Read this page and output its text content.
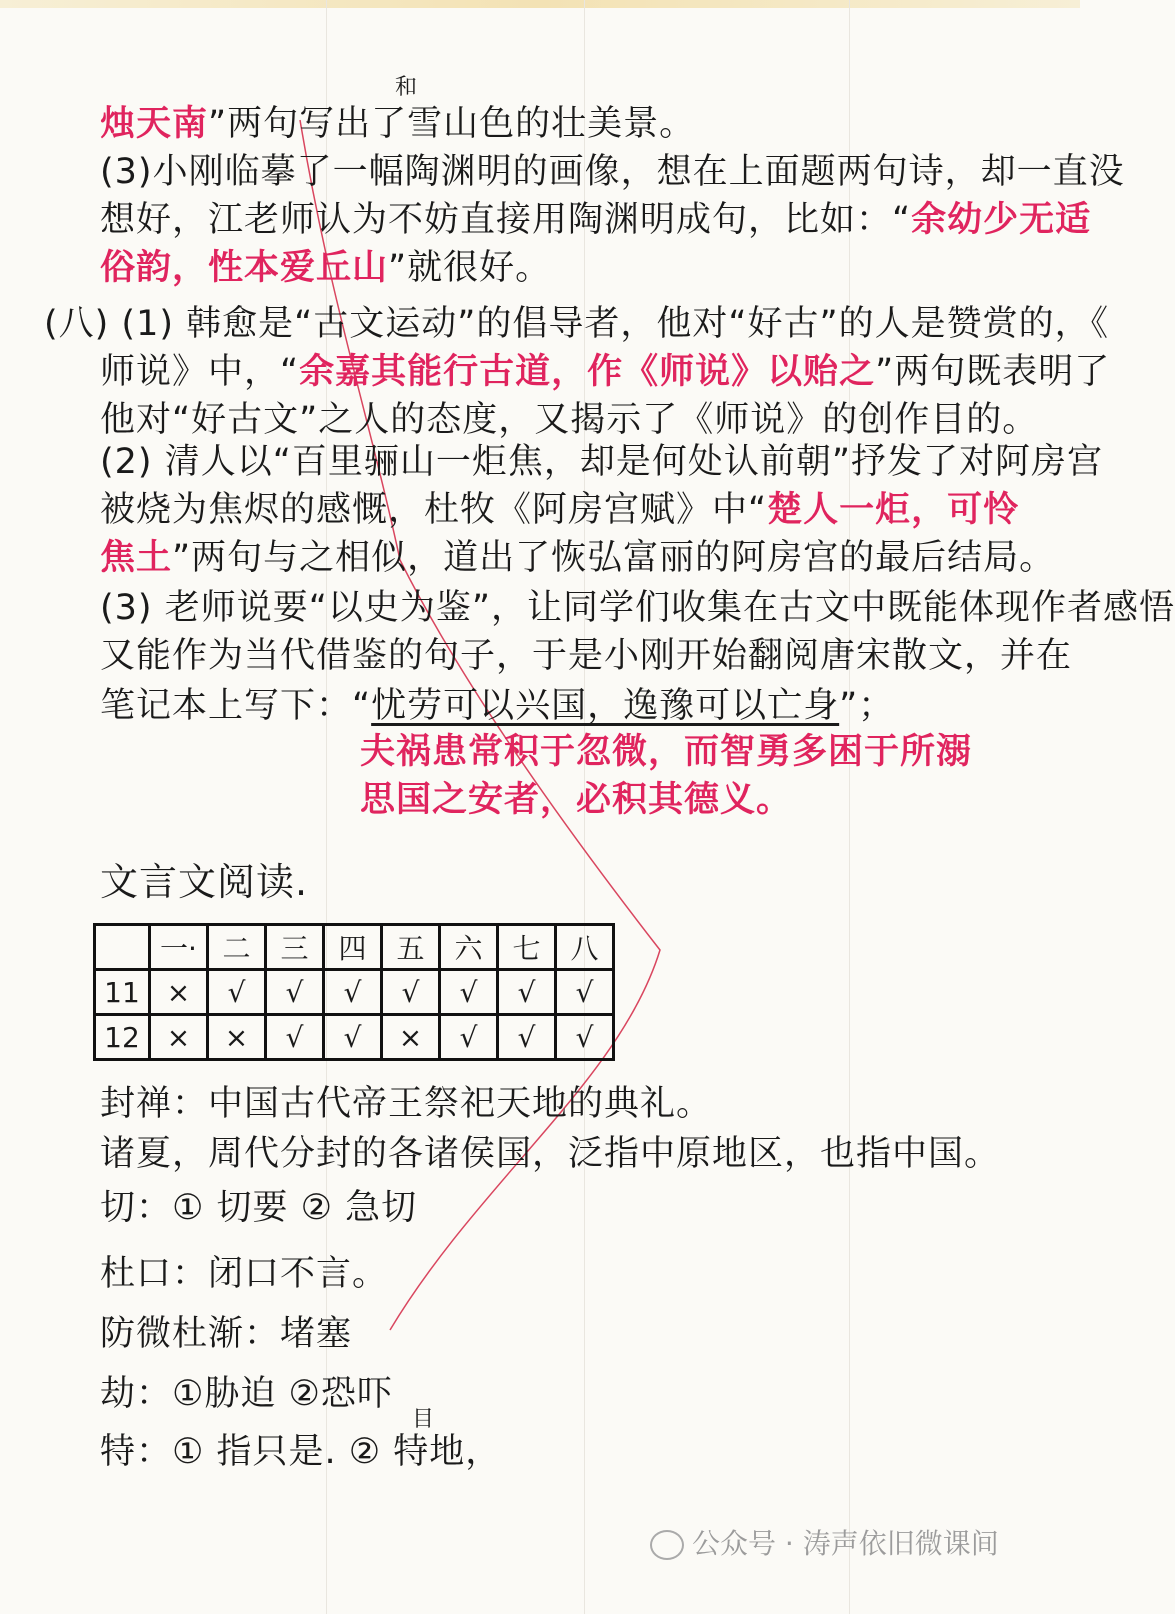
烛天南”两句写出了雪山色的壮美景。
和
(3)小刚临摹了一幅陶渊明的画像，想在上面题两句诗，却一直没
想好，江老师认为不妨直接用陶渊明成句，比如：“余幼少无适
俗韵，性本爱丘山”就很好。
(八) (1) 韩愈是“古文运动”的倡导者，他对“好古”的人是赞赏的，《
师说》中，“余嘉其能行古道，作《师说》以贻之”两句既表明了
他对“好古文”之人的态度，又揭示了《师说》的创作目的。
(2) 清人以“百里骊山一炬焦，却是何处认前朝”抒发了对阿房宫
被烧为焦烬的感慨，杜牧《阿房宫赋》中“楚人一炬，可怜
焦土”两句与之相似，道出了恢弘富丽的阿房宫的最后结局。
(3) 老师说要“以史为鉴”，让同学们收集在古文中既能体现作者感悟
又能作为当代借鉴的句子，于是小刚开始翻阅唐宋散文，并在
笔记本上写下：“忧劳可以兴国，逸豫可以亡身”；
夫祸患常积于忽微，而智勇多困于所溺
思国之安者，必积其德义。
文言文阅读.
	一·	二	三	四	五	六	七	八
11	×	√	√	√	√	√	√	√
12	×	×	√	√	×	√	√	√
封禅：中国古代帝王祭祀天地的典礼。
诸夏，周代分封的各诸侯国，泛指中原地区，也指中国。
切：① 切要 ② 急切
杜口：闭口不言。
防微杜渐：堵塞
劫：①胁迫 ②恐吓
特：① 指只是. ② 特地，
目
公众号 · 涛声依旧微课间
